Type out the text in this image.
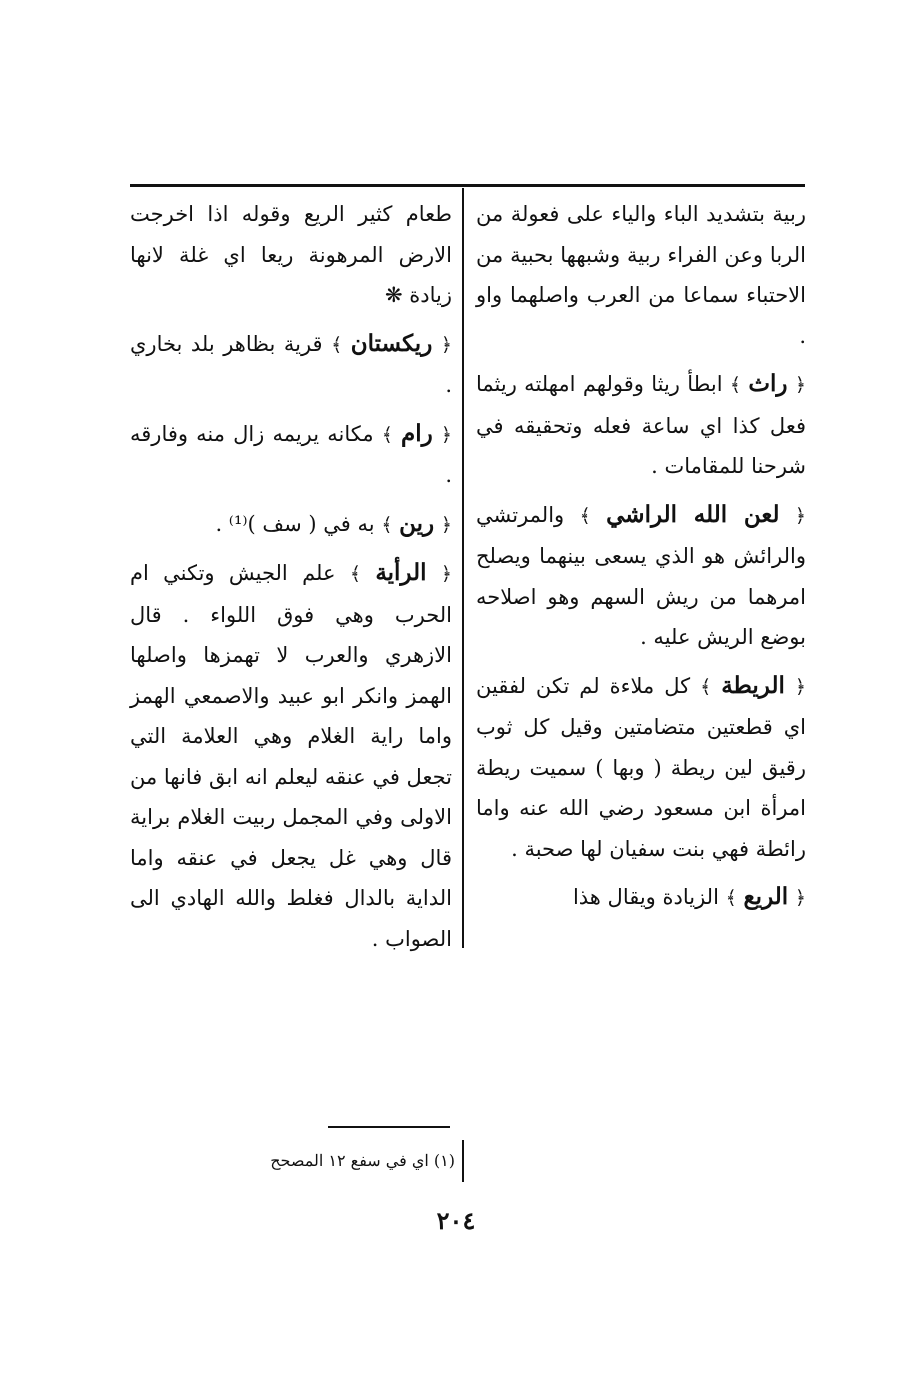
ربية بتشديد الباء والياء على فعولة من الربا وعن الفراء ربية وشبهها بحبية من الاحتباء سماعا من العرب واصلهما واو .
﴿ راث ﴾ ابطأ ريثا وقولهم امهلته ريثما فعل كذا اي ساعة فعله وتحقيقه في شرحنا للمقامات .
﴿ لعن الله الراشي ﴾ والمرتشي والرائش هو الذي يسعى بينهما ويصلح امرهما من ريش السهم وهو اصلاحه بوضع الريش عليه .
﴿ الريطة ﴾ كل ملاءة لم تكن لفقين اي قطعتين متضامتين وقيل كل ثوب رقيق لين ريطة ( وبها ) سميت ريطة امرأة ابن مسعود رضي الله عنه واما رائطة فهي بنت سفيان لها صحبة .
﴿ الريع ﴾ الزيادة ويقال هذا
طعام كثير الريع وقوله اذا اخرجت الارض المرهونة ريعا اي غلة لانها زيادة ❋
﴿ ريكستان ﴾ قرية بظاهر بلد بخاري .
﴿ رام ﴾ مكانه يريمه زال منه وفارقه .
﴿ رين ﴾ به في ( سف )⁽¹⁾ .
﴿ الرأية ﴾ علم الجيش وتكني ام الحرب وهي فوق اللواء . قال الازهري والعرب لا تهمزها واصلها الهمز وانكر ابو عبيد والاصمعي الهمز واما راية الغلام وهي العلامة التي تجعل في عنقه ليعلم انه ابق فانها من الاولى وفي المجمل ربيت الغلام براية قال وهي غل يجعل في عنقه واما الداية بالدال فغلط والله الهادي الى الصواب .
(١) اي في سفع ١٢ المصحح
٢٠٤
